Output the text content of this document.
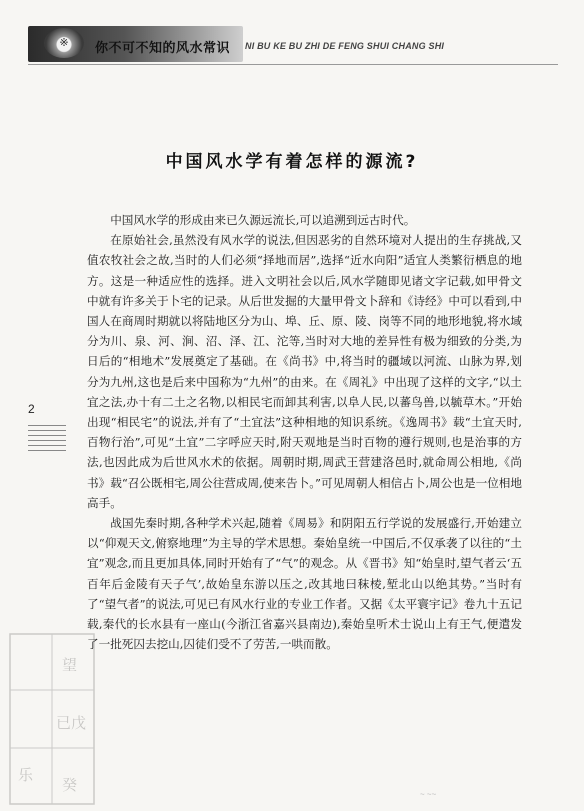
※	你不可不知的风水常识 NI BU KE BU ZHI DE FENG SHUI CHANG SHI
中国风水学有着怎样的源流?

中国风水学的形成由来已久源远流长,可以追溯到远古时代。

在原始社会,虽然没有风水学的说法,但因恶劣的自然环境对人提出的生存挑战,又值农牧社会之故,当时的人们必须“择地而居”,选择“近水向阳”适宜人类繁衍栖息的地方。这是一种适应性的选择。进入文明社会以后,风水学随即见诸文字记载,如甲骨文中就有许多关于卜宅的记录。从后世发掘的大量甲骨文卜辞和《诗经》中可以看到,中国人在商周时期就以将陆地区分为山、埠、丘、原、陵、岗等不同的地形地貌,将水域分为川、泉、河、涧、沼、泽、江、沱等,当时对大地的差异性有极为细致的分类,为日后的“相地术”发展奠定了基础。在《尚书》中,将当时的疆域以河流、山脉为界,划分为九州,这也是后来中国称为“九州”的由来。在《周礼》中出现了这样的文字,“以土宜之法,办十有二土之名物,以相民宅而卸其利害,以阜人民,以蕃鸟兽,以毓草木。”开始出现“相民宅”的说法,并有了“土宜法”这种相地的知识系统。《逸周书》载“土宜天时,百物行治”,可见“土宜”二字呼应天时,附天观地是当时百物的遵行规则,也是治事的方法,也因此成为后世风水术的依据。周朝时期,周武王营建洛邑时,就命周公相地,《尚书》载“召公既相宅,周公往营成周,使来告卜。”可见周朝人相信占卜,周公也是一位相地高手。

战国先秦时期,各种学术兴起,随着《周易》和阴阳五行学说的发展盛行,开始建立以“仰观天文,俯察地理”为主导的学术思想。秦始皇统一中国后,不仅承袭了以往的“土宜”观念,而且更加具体,同时开始有了“气”的观念。从《晋书》知“始皇时,望气者云‘五百年后金陵有天子气’,故始皇东游以压之,改其地曰秣棱,堑北山以绝其势。”当时有了“望气者”的说法,可见已有风水行业的专业工作者。又据《太平寰宇记》卷九十五记载,秦代的长水县有一座山(今浙江省嘉兴县南边),秦始皇听术士说山上有王气,便遣发了一批死囚去挖山,囚徒们受不了劳苦,一哄而散。

2
望
已戊
乐
癸
~ ~~
